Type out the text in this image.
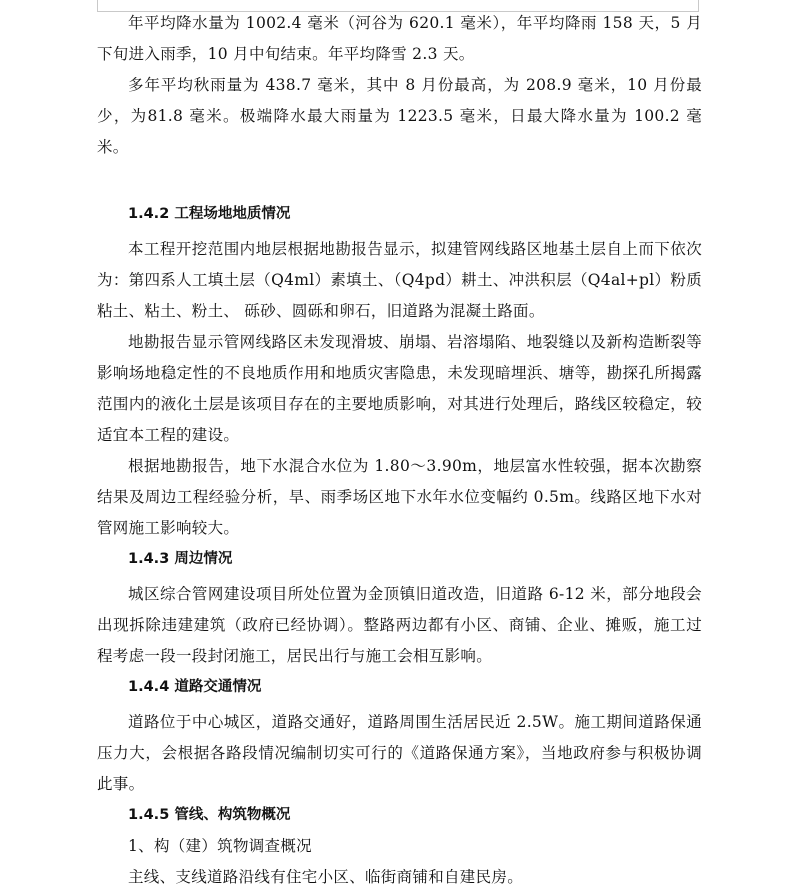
年平均降水量为 1002.4 毫米（河谷为 620.1 毫米），年平均降雨 158 天，5 月下旬进入雨季，10 月中旬结束。年平均降雪 2.3 天。

多年平均秋雨量为 438.7 毫米，其中 8 月份最高，为 208.9 毫米，10 月份最少，为81.8 毫米。极端降水最大雨量为 1223.5 毫米，日最大降水量为 100.2 毫米。

1.4.2 工程场地地质情况

本工程开挖范围内地层根据地勘报告显示，拟建管网线路区地基土层自上而下依次为：第四系人工填土层（Q4ml）素填土、（Q4pd）耕土、冲洪积层（Q4al+pl）粉质粘土、粘土、粉土、 砾砂、圆砾和卵石，旧道路为混凝土路面。

地勘报告显示管网线路区未发现滑坡、崩塌、岩溶塌陷、地裂缝以及新构造断裂等影响场地稳定性的不良地质作用和地质灾害隐患，未发现暗埋浜、塘等，勘探孔所揭露范围内的液化土层是该项目存在的主要地质影响，对其进行处理后，路线区较稳定，较适宜本工程的建设。

根据地勘报告，地下水混合水位为 1.80～3.90m，地层富水性较强，据本次勘察结果及周边工程经验分析，旱、雨季场区地下水年水位变幅约 0.5m。线路区地下水对管网施工影响较大。

1.4.3 周边情况

城区综合管网建设项目所处位置为金顶镇旧道改造，旧道路 6-12 米，部分地段会出现拆除违建建筑（政府已经协调）。整路两边都有小区、商铺、企业、摊贩，施工过程考虑一段一段封闭施工，居民出行与施工会相互影响。

1.4.4 道路交通情况

道路位于中心城区，道路交通好，道路周围生活居民近 2.5W。施工期间道路保通压力大，会根据各路段情况编制切实可行的《道路保通方案》，当地政府参与积极协调此事。

1.4.5 管线、构筑物概况

1、构（建）筑物调查概况

主线、支线道路沿线有住宅小区、临街商铺和自建民房。
